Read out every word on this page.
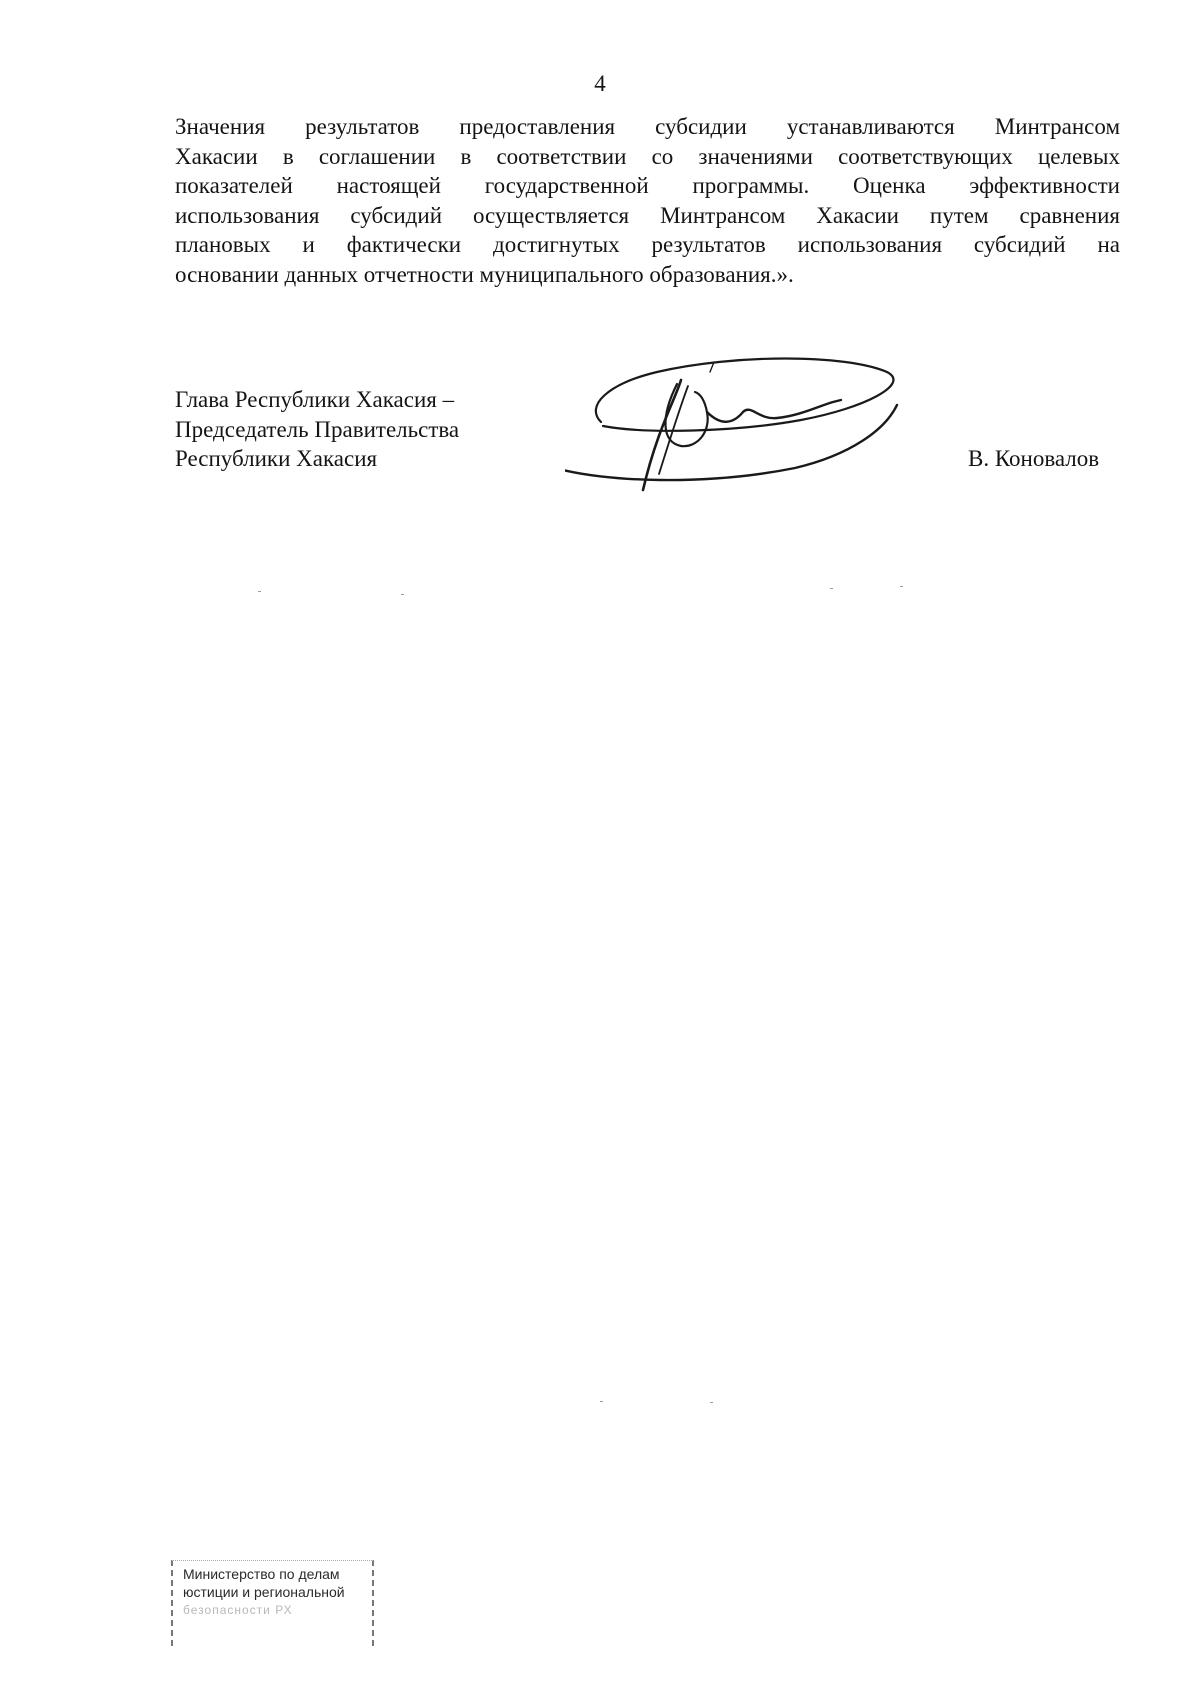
4
Значения результатов предоставления субсидии устанавливаются Минтрансом
Хакасии в соглашении в соответствии со значениями соответствующих целевых
показателей настоящей государственной программы. Оценка эффективности
использования субсидий осуществляется Минтрансом Хакасии путем сравнения
плановых и фактически достигнутых результатов использования субсидий на
основании данных отчетности муниципального образования.».
Глава Республики Хакасия –
Председатель Правительства
Республики Хакасия	В. Коновалов
Министерство по делам
юстиции и региональной
безопасности РХ
